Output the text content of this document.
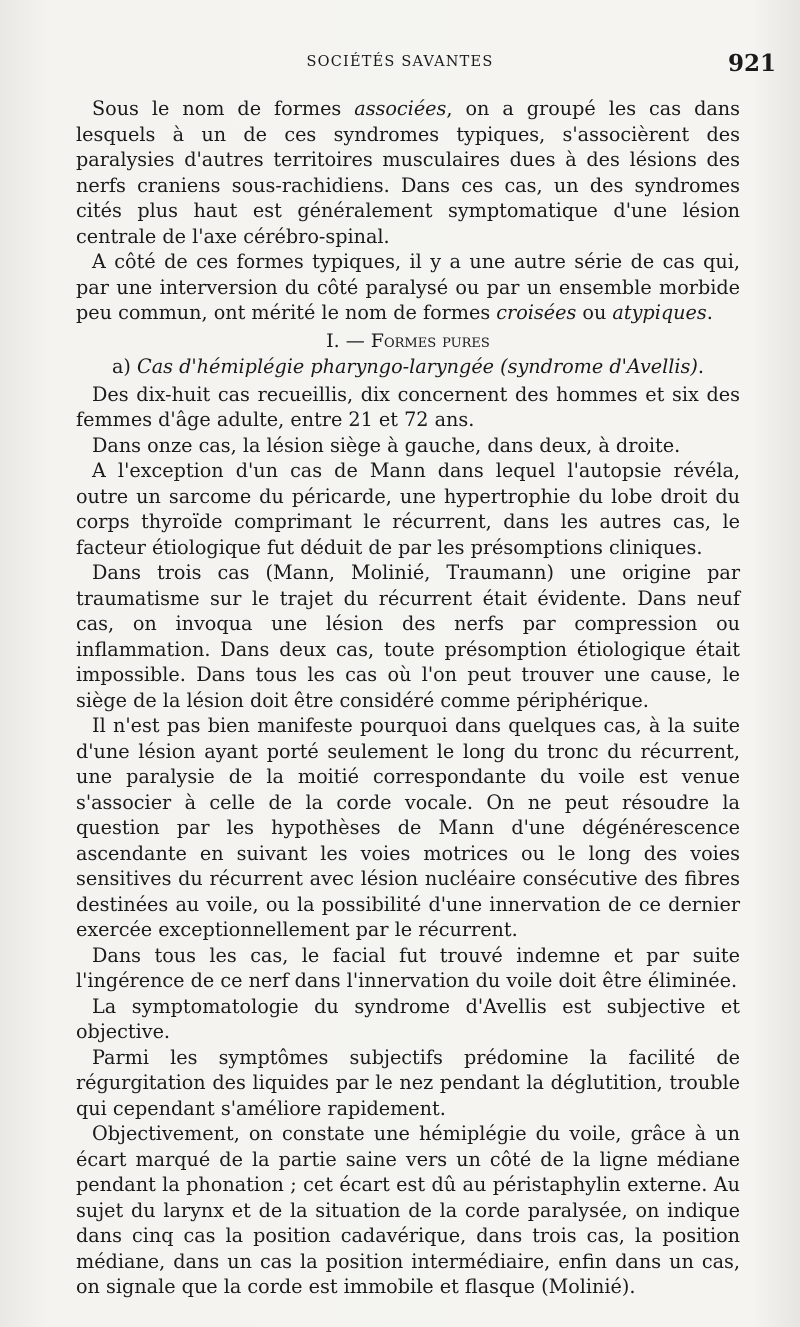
SOCIÉTÉS SAVANTES	921

Sous le nom de formes associées, on a groupé les cas dans lesquels à un de ces syndromes typiques, s'associèrent des paralysies d'autres territoires musculaires dues à des lésions des nerfs craniens sous-rachidiens. Dans ces cas, un des syndromes cités plus haut est généralement symptomatique d'une lésion centrale de l'axe cérébro-spinal.

A côté de ces formes typiques, il y a une autre série de cas qui, par une interversion du côté paralysé ou par un ensemble morbide peu commun, ont mérité le nom de formes croisées ou atypiques.

I. — Formes pures
a) Cas d'hémiplégie pharyngo-laryngée (syndrome d'Avellis).

Des dix-huit cas recueillis, dix concernent des hommes et six des femmes d'âge adulte, entre 21 et 72 ans.

Dans onze cas, la lésion siège à gauche, dans deux, à droite.

A l'exception d'un cas de Mann dans lequel l'autopsie révéla, outre un sarcome du péricarde, une hypertrophie du lobe droit du corps thyroïde comprimant le récurrent, dans les autres cas, le facteur étiologique fut déduit de par les présomptions cliniques.

Dans trois cas (Mann, Molinié, Traumann) une origine par traumatisme sur le trajet du récurrent était évidente. Dans neuf cas, on invoqua une lésion des nerfs par compression ou inflammation. Dans deux cas, toute présomption étiologique était impossible. Dans tous les cas où l'on peut trouver une cause, le siège de la lésion doit être considéré comme périphérique.

Il n'est pas bien manifeste pourquoi dans quelques cas, à la suite d'une lésion ayant porté seulement le long du tronc du récurrent, une paralysie de la moitié correspondante du voile est venue s'associer à celle de la corde vocale. On ne peut résoudre la question par les hypothèses de Mann d'une dégénérescence ascendante en suivant les voies motrices ou le long des voies sensitives du récurrent avec lésion nucléaire consécutive des fibres destinées au voile, ou la possibilité d'une innervation de ce dernier exercée exceptionnellement par le récurrent.

Dans tous les cas, le facial fut trouvé indemne et par suite l'ingérence de ce nerf dans l'innervation du voile doit être éliminée.

La symptomatologie du syndrome d'Avellis est subjective et objective.

Parmi les symptômes subjectifs prédomine la facilité de régurgitation des liquides par le nez pendant la déglutition, trouble qui cependant s'améliore rapidement.

Objectivement, on constate une hémiplégie du voile, grâce à un écart marqué de la partie saine vers un côté de la ligne médiane pendant la phonation ; cet écart est dû au péristaphylin externe. Au sujet du larynx et de la situation de la corde paralysée, on indique dans cinq cas la position cadavérique, dans trois cas, la position médiane, dans un cas la position intermédiaire, enfin dans un cas, on signale que la corde est immobile et flasque (Molinié).
